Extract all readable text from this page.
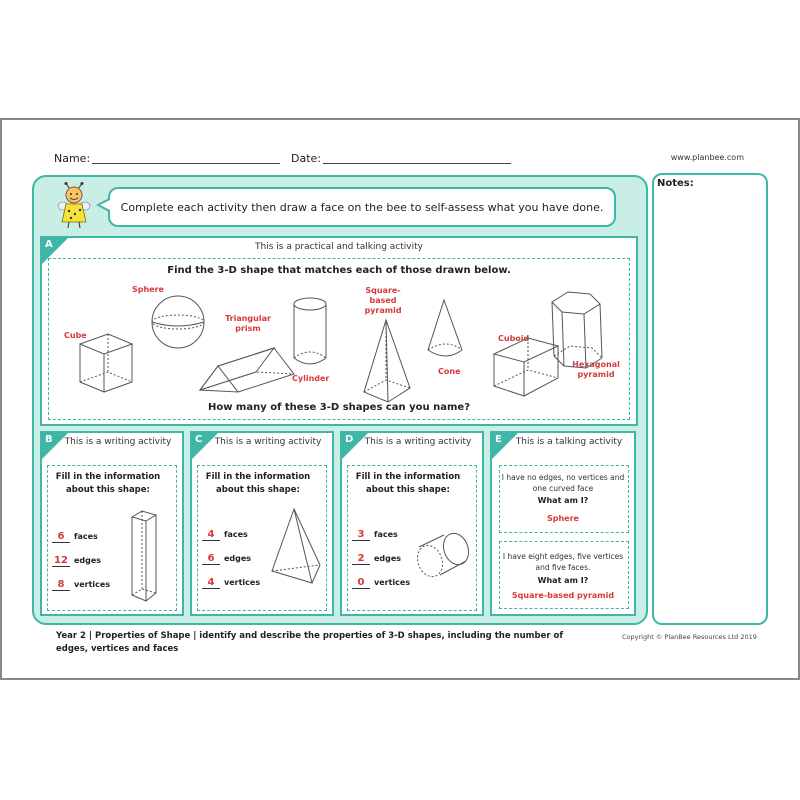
Name:	Date:	www.planbee.com
Notes:
Complete each activity then draw a face on the bee to self-assess what you have done.
A	This is a practical and talking activity
Find the 3-D shape that matches each of those drawn below.
How many of these 3-D shapes can you name?
Cube
Sphere
Triangular prism
Cylinder
Square-based pyramid
Cone
Cuboid
Hexagonal pyramid
B This is a writing activity
Fill in the information about this shape:
6 faces
12 edges
8 vertices
C This is a writing activity
Fill in the information about this shape:
4 faces
6 edges
4 vertices
D This is a writing activity
Fill in the information about this shape:
3 faces
2 edges
0 vertices
E	This is a talking activity
I have no edges, no vertices and one curved face
What am I?
Sphere
I have eight edges, five vertices and five faces.
What am I?
Square-based pyramid
Year 2 | Properties of Shape | identify and describe the properties of 3-D shapes, including the number of edges, vertices and faces
Copyright © PlanBee Resources Ltd 2019
